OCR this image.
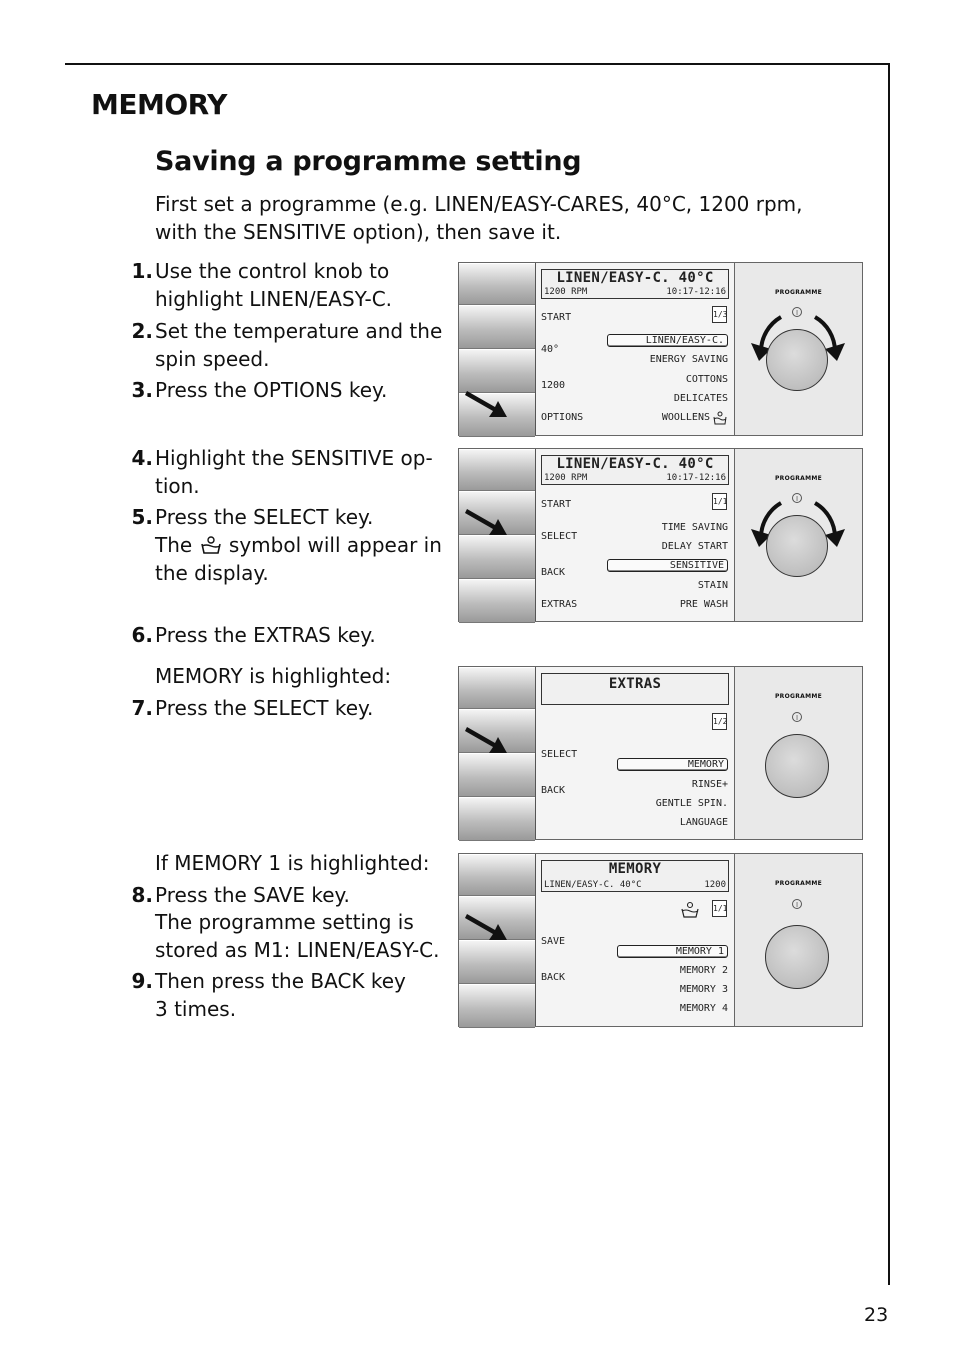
MEMORY
Saving a programme setting
First set a programme (e.g. LINEN/EASY-CARES, 40°C, 1200 rpm, with the SENSITIVE option), then save it.
1. Use the control knob to highlight LINEN/EASY-C.
2. Set the temperature and the spin speed.
3. Press the OPTIONS key.
4. Highlight the SENSITIVE op-tion.
5. Press the SELECT key.
The symbol will appear in the display.
6. Press the EXTRAS key.
MEMORY is highlighted:
7. Press the SELECT key.
If MEMORY 1 is highlighted:
8. Press the SAVE key.
The programme setting is stored as M1: LINEN/EASY-C.
9. Then press the BACK key 3 times.
LINEN/EASY-C. 40°C
1200 RPM	10:17-12:16
1/3
START
40°
1200
OPTIONS
LINEN/EASY-C.
ENERGY SAVING
COTTONS
DELICATES
WOOLLENS
PROGRAMME
I
LINEN/EASY-C. 40°C
1200 RPM	10:17-12:16
1/1
START
SELECT
BACK
EXTRAS
TIME SAVING
DELAY START
SENSITIVE
STAIN
PRE WASH
PROGRAMME
I
EXTRAS
1/2
SELECT
BACK
MEMORY
RINSE+
GENTLE SPIN.
LANGUAGE
PROGRAMME
I
MEMORY
LINEN/EASY-C. 40°C	1200
1/1
SAVE
BACK
MEMORY 1
MEMORY 2
MEMORY 3
MEMORY 4
PROGRAMME
I
23
